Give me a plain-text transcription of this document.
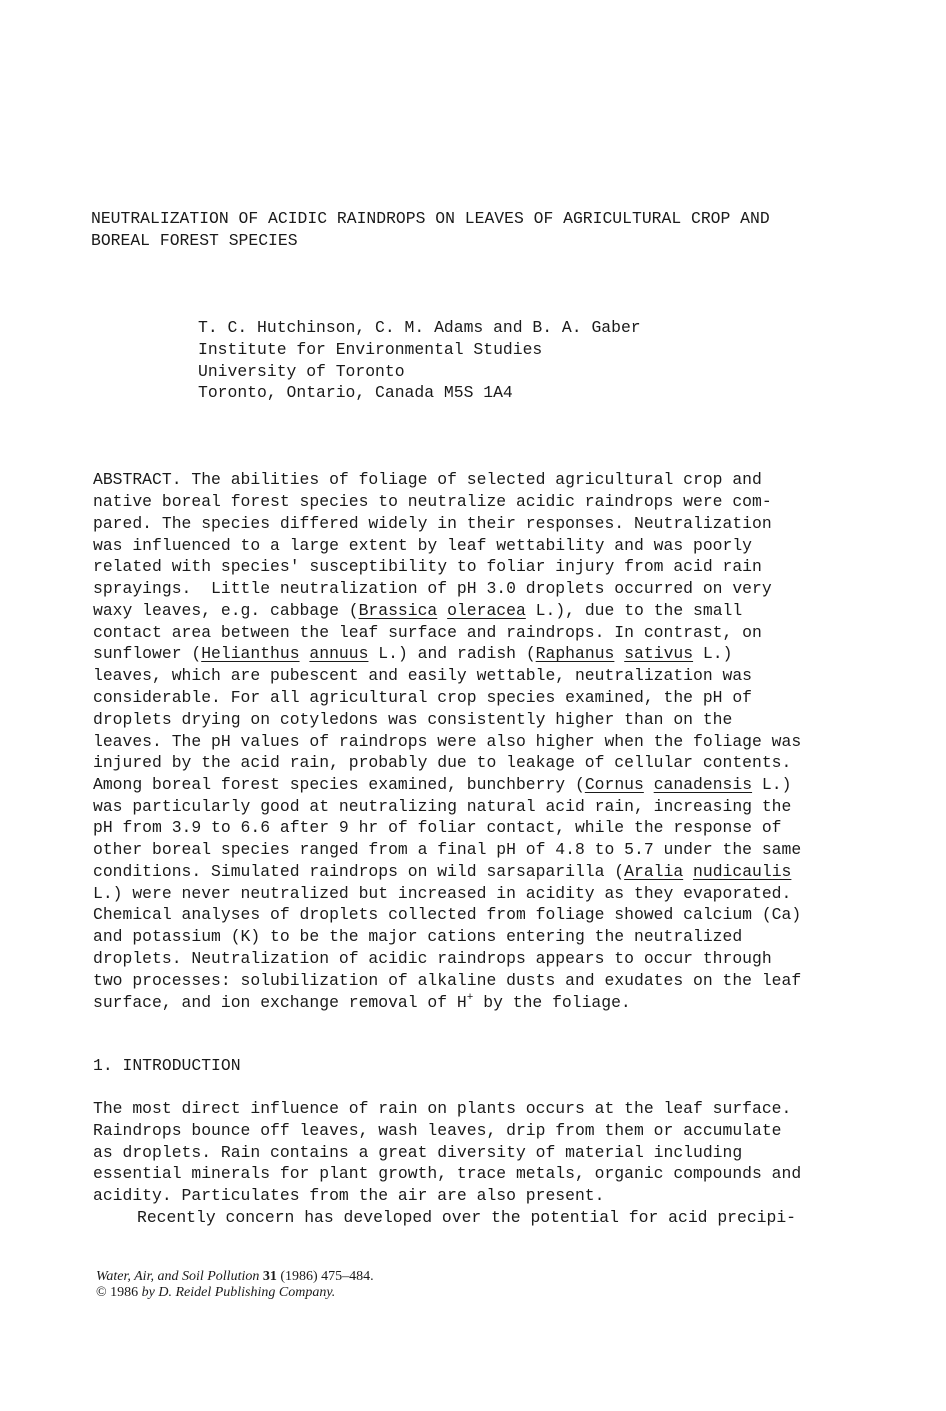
NEUTRALIZATION OF ACIDIC RAINDROPS ON LEAVES OF AGRICULTURAL CROP AND
BOREAL FOREST SPECIES
T. C. Hutchinson, C. M. Adams and B. A. Gaber
Institute for Environmental Studies
University of Toronto
Toronto, Ontario, Canada M5S 1A4
ABSTRACT. The abilities of foliage of selected agricultural crop and
native boreal forest species to neutralize acidic raindrops were com-
pared. The species differed widely in their responses. Neutralization
was influenced to a large extent by leaf wettability and was poorly
related with species' susceptibility to foliar injury from acid rain
sprayings.  Little neutralization of pH 3.0 droplets occurred on very
waxy leaves, e.g. cabbage (Brassica oleracea L.), due to the small
contact area between the leaf surface and raindrops. In contrast, on
sunflower (Helianthus annuus L.) and radish (Raphanus sativus L.)
leaves, which are pubescent and easily wettable, neutralization was
considerable. For all agricultural crop species examined, the pH of
droplets drying on cotyledons was consistently higher than on the
leaves. The pH values of raindrops were also higher when the foliage was
injured by the acid rain, probably due to leakage of cellular contents.
Among boreal forest species examined, bunchberry (Cornus canadensis L.)
was particularly good at neutralizing natural acid rain, increasing the
pH from 3.9 to 6.6 after 9 hr of foliar contact, while the response of
other boreal species ranged from a final pH of 4.8 to 5.7 under the same
conditions. Simulated raindrops on wild sarsaparilla (Aralia nudicaulis
L.) were never neutralized but increased in acidity as they evaporated.
Chemical analyses of droplets collected from foliage showed calcium (Ca)
and potassium (K) to be the major cations entering the neutralized
droplets. Neutralization of acidic raindrops appears to occur through
two processes: solubilization of alkaline dusts and exudates on the leaf
surface, and ion exchange removal of H+ by the foliage.
1. INTRODUCTION
The most direct influence of rain on plants occurs at the leaf surface.
Raindrops bounce off leaves, wash leaves, drip from them or accumulate
as droplets. Rain contains a great diversity of material including
essential minerals for plant growth, trace metals, organic compounds and
acidity. Particulates from the air are also present.
Recently concern has developed over the potential for acid precipi-
Water, Air, and Soil Pollution 31 (1986) 475–484.
© 1986 by D. Reidel Publishing Company.
